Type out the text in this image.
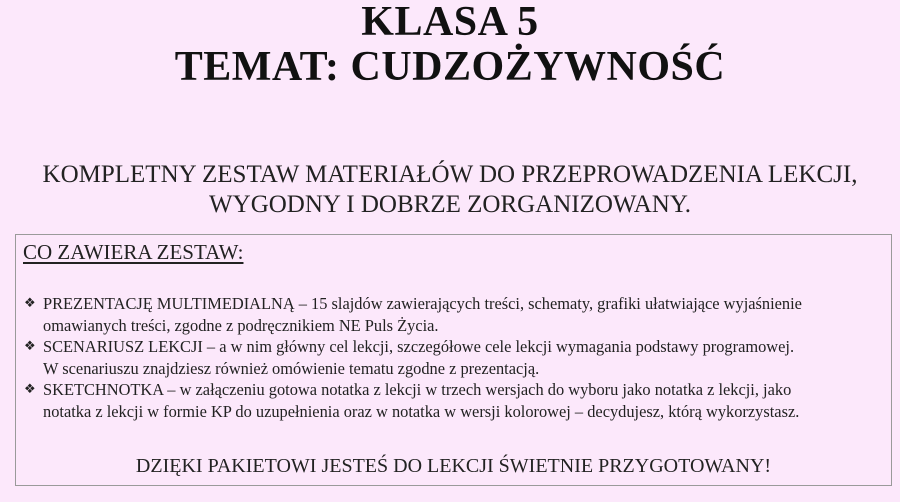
KLASA 5
TEMAT: CUDZOŻYWNOŚĆ
KOMPLETNY ZESTAW MATERIAŁÓW DO PRZEPROWADZENIA LEKCJI,
WYGODNY I DOBRZE ZORGANIZOWANY.
CO ZAWIERA ZESTAW:
❖ PREZENTACJĘ MULTIMEDIALNĄ – 15 slajdów zawierających treści, schematy, grafiki ułatwiające wyjaśnienie
omawianych treści, zgodne z podręcznikiem NE Puls Życia.
❖ SCENARIUSZ LEKCJI – a w nim główny cel lekcji, szczegółowe cele lekcji wymagania podstawy programowej.
W scenariuszu znajdziesz również omówienie tematu zgodne z prezentacją.
❖ SKETCHNOTKA – w załączeniu gotowa notatka z lekcji w trzech wersjach do wyboru jako notatka z lekcji, jako
notatka z lekcji w formie KP do uzupełnienia oraz w notatka w wersji kolorowej – decydujesz, którą wykorzystasz.
DZIĘKI PAKIETOWI JESTEŚ DO LEKCJI ŚWIETNIE PRZYGOTOWANY!
